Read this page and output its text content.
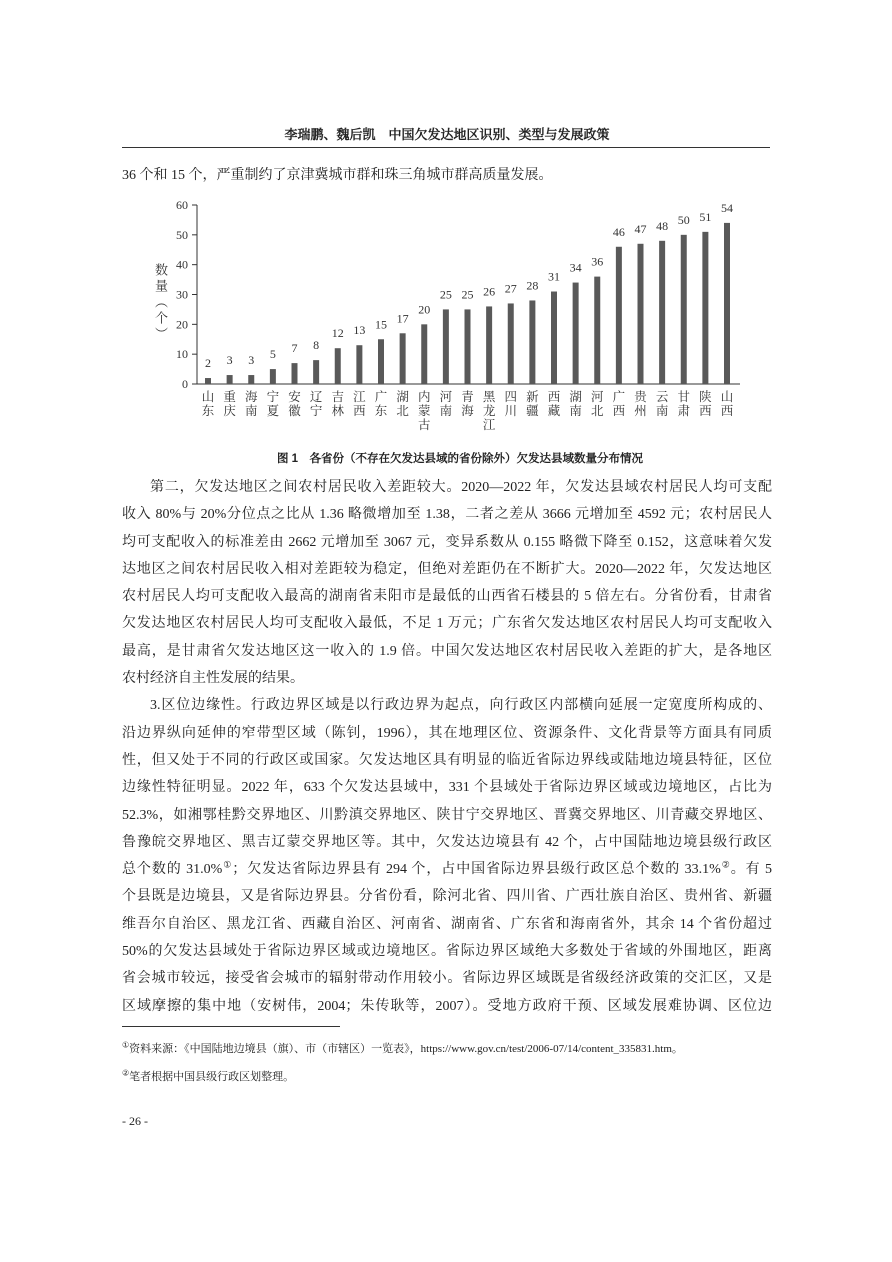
李瑞鹏、魏后凯　中国欠发达地区识别、类型与发展政策
36 个和 15 个，严重制约了京津冀城市群和珠三角城市群高质量发展。
数量（个）
0
10
20
30
40
50
60
2
山东
3
重庆
3
海南
5
宁夏
7
安徽
8
辽宁
12
吉林
13
江西
15
广东
17
湖北
20
内蒙古
25
河南
25
青海
26
黑龙江
27
四川
28
新疆
31
西藏
34
湖南
36
河北
46
广西
47
贵州
48
云南
50
甘肃
51
陕西
54
山西
图 1　各省份（不存在欠发达县域的省份除外）欠发达县域数量分布情况
第二，欠发达地区之间农村居民收入差距较大。2020—2022 年，欠发达县域农村居民人均可支配
收入 80%与 20%分位点之比从 1.36 略微增加至 1.38，二者之差从 3666 元增加至 4592 元；农村居民人
均可支配收入的标准差由 2662 元增加至 3067 元，变异系数从 0.155 略微下降至 0.152，这意味着欠发
达地区之间农村居民收入相对差距较为稳定，但绝对差距仍在不断扩大。2020—2022 年，欠发达地区
农村居民人均可支配收入最高的湖南省耒阳市是最低的山西省石楼县的 5 倍左右。分省份看，甘肃省
欠发达地区农村居民人均可支配收入最低，不足 1 万元；广东省欠发达地区农村居民人均可支配收入
最高，是甘肃省欠发达地区这一收入的 1.9 倍。中国欠发达地区农村居民收入差距的扩大，是各地区
农村经济自主性发展的结果。
3.区位边缘性。行政边界区域是以行政边界为起点，向行政区内部横向延展一定宽度所构成的、
沿边界纵向延伸的窄带型区域（陈钊，1996），其在地理区位、资源条件、文化背景等方面具有同质
性，但又处于不同的行政区或国家。欠发达地区具有明显的临近省际边界线或陆地边境县特征，区位
边缘性特征明显。2022 年，633 个欠发达县域中，331 个县域处于省际边界区域或边境地区，占比为
52.3%，如湘鄂桂黔交界地区、川黔滇交界地区、陕甘宁交界地区、晋冀交界地区、川青藏交界地区、
鲁豫皖交界地区、黑吉辽蒙交界地区等。其中，欠发达边境县有 42 个，占中国陆地边境县级行政区
总个数的 31.0%①；欠发达省际边界县有 294 个，占中国省际边界县级行政区总个数的 33.1%②。有 5
个县既是边境县，又是省际边界县。分省份看，除河北省、四川省、广西壮族自治区、贵州省、新疆
维吾尔自治区、黑龙江省、西藏自治区、河南省、湖南省、广东省和海南省外，其余 14 个省份超过
50%的欠发达县域处于省际边界区域或边境地区。省际边界区域绝大多数处于省域的外围地区，距离
省会城市较远，接受省会城市的辐射带动作用较小。省际边界区域既是省级经济政策的交汇区，又是
区域摩擦的集中地（安树伟，2004；朱传耿等，2007）。受地方政府干预、区域发展难协调、区位边
①资料来源：《中国陆地边境县（旗）、市（市辖区）一览表》，https://www.gov.cn/test/2006-07/14/content_335831.htm。
②笔者根据中国县级行政区划整理。
- 26 -
